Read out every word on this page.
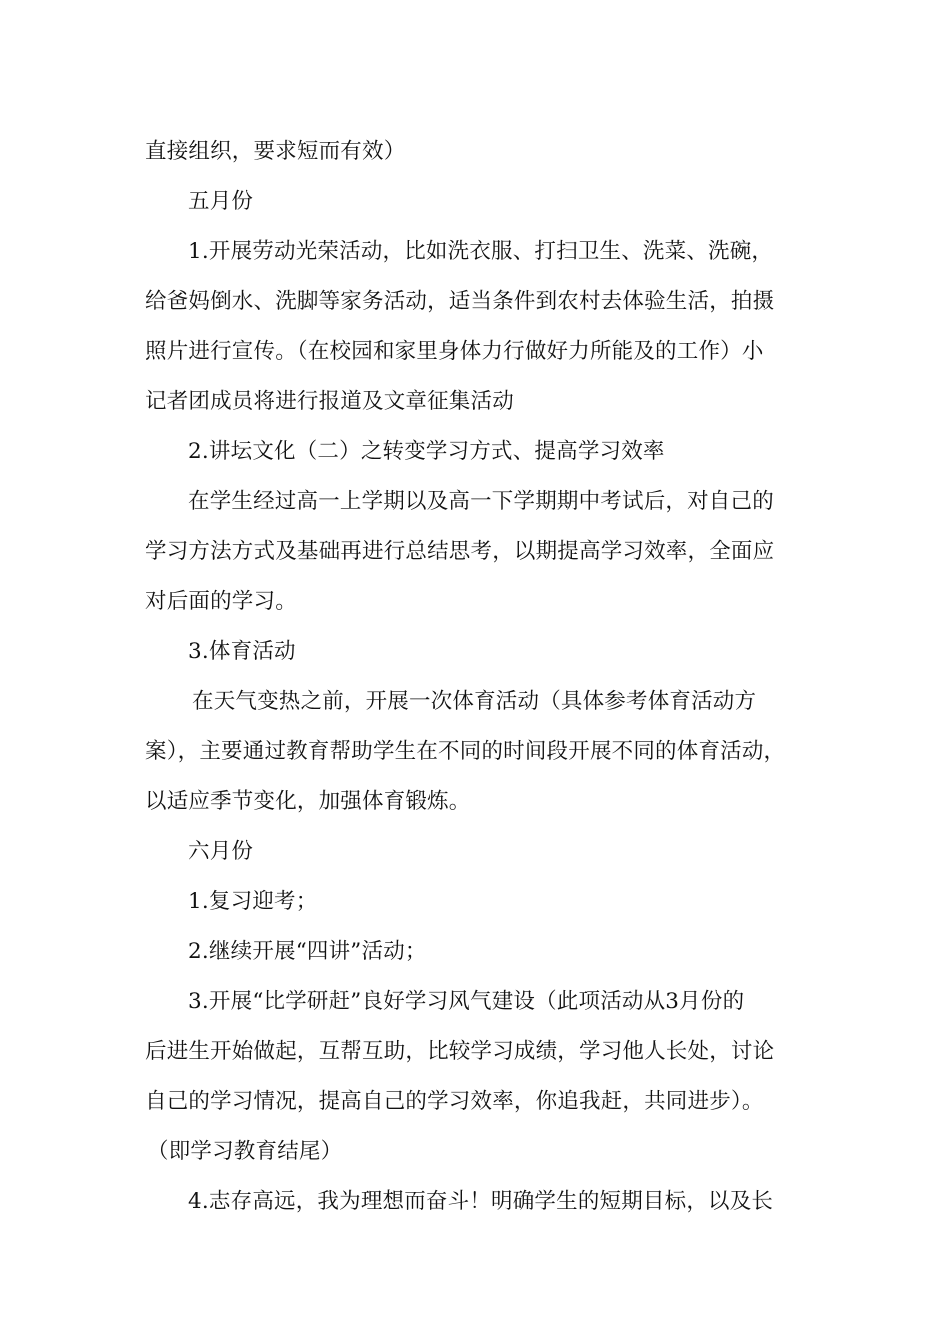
直接组织，要求短而有效）
五月份
1.开展劳动光荣活动，比如洗衣服、打扫卫生、洗菜、洗碗，
给爸妈倒水、洗脚等家务活动，适当条件到农村去体验生活，拍摄
照片进行宣传。（在校园和家里身体力行做好力所能及的工作）小
记者团成员将进行报道及文章征集活动
2.讲坛文化（二）之转变学习方式、提高学习效率
在学生经过高一上学期以及高一下学期期中考试后，对自己的
学习方法方式及基础再进行总结思考，以期提高学习效率，全面应
对后面的学习。
3.体育活动
在天气变热之前，开展一次体育活动（具体参考体育活动方
案），主要通过教育帮助学生在不同的时间段开展不同的体育活动，
以适应季节变化，加强体育锻炼。
六月份
1.复习迎考；
2.继续开展“四讲”活动；
3.开展“比学研赶”良好学习风气建设（此项活动从3月份的
后进生开始做起，互帮互助，比较学习成绩，学习他人长处，讨论
自己的学习情况，提高自己的学习效率，你追我赶，共同进步）。
（即学习教育结尾）
4.志存高远，我为理想而奋斗！明确学生的短期目标，以及长
